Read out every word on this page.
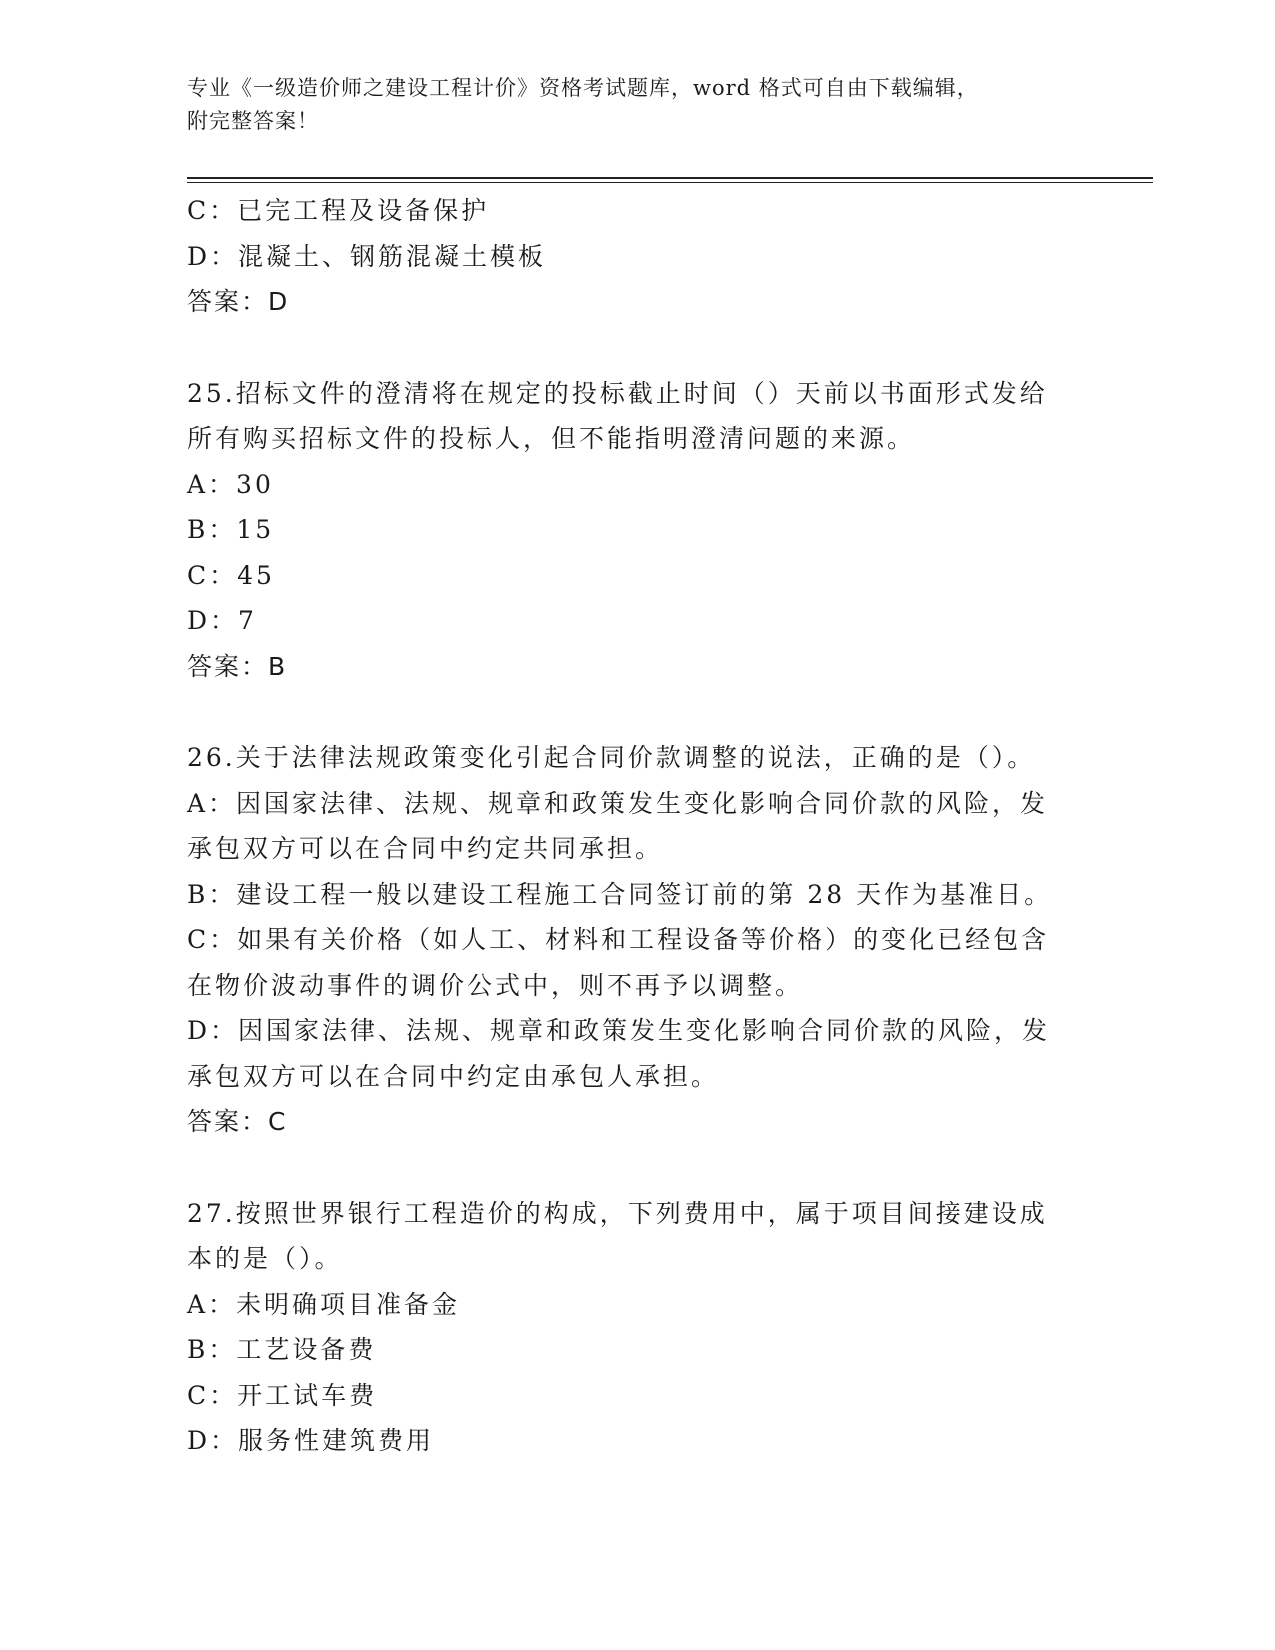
专业《一级造价师之建设工程计价》资格考试题库，word 格式可自由下载编辑，
附完整答案！
C：已完工程及设备保护
D：混凝土、钢筋混凝土模板
答案：D
25.招标文件的澄清将在规定的投标截止时间（）天前以书面形式发给
所有购买招标文件的投标人，但不能指明澄清问题的来源。
A：30
B：15
C：45
D：7
答案：B
26.关于法律法规政策变化引起合同价款调整的说法，正确的是（）。
A：因国家法律、法规、规章和政策发生变化影响合同价款的风险，发
承包双方可以在合同中约定共同承担。
B：建设工程一般以建设工程施工合同签订前的第 28 天作为基准日。
C：如果有关价格（如人工、材料和工程设备等价格）的变化已经包含
在物价波动事件的调价公式中，则不再予以调整。
D：因国家法律、法规、规章和政策发生变化影响合同价款的风险，发
承包双方可以在合同中约定由承包人承担。
答案：C
27.按照世界银行工程造价的构成，下列费用中，属于项目间接建设成
本的是（）。
A：未明确项目准备金
B：工艺设备费
C：开工试车费
D：服务性建筑费用
